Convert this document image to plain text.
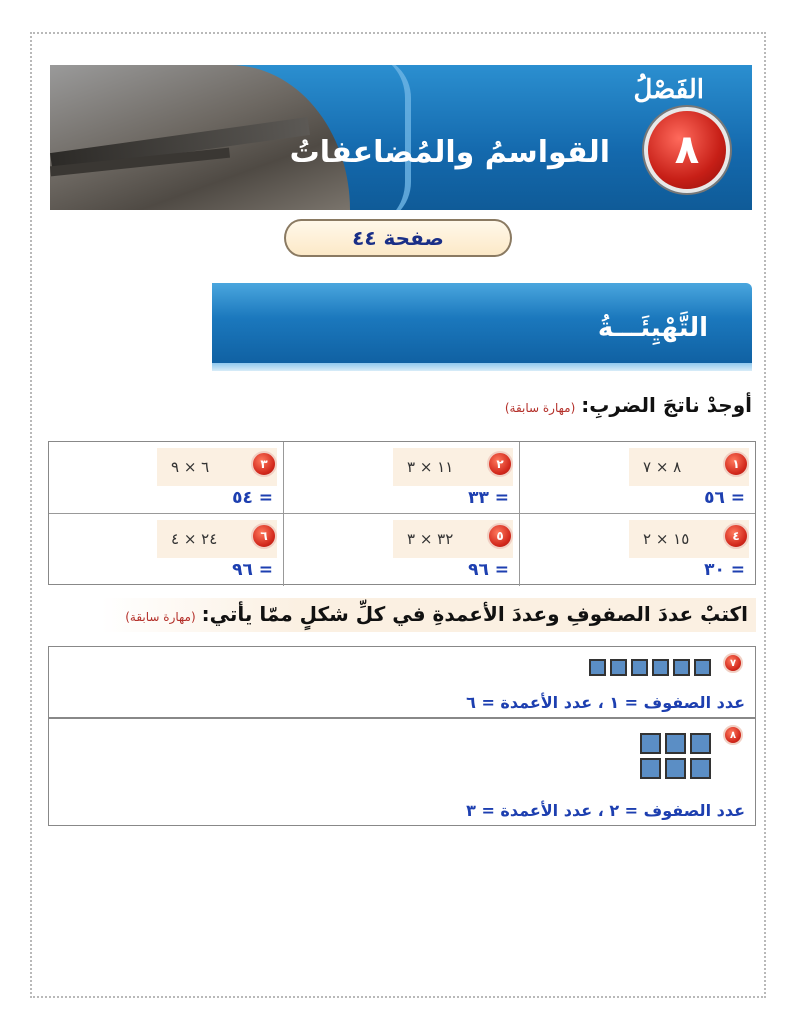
الفَصْلُ
٨
القواسمُ والمُضاعفاتُ
صفحة ٤٤
التَّهْيِئَـــةُ
أوجدْ ناتجَ الضربِ:
(مهارة سابقة)
٨ × ٧	١
= ٥٦
١١ × ٣	٢
= ٣٣
٦ × ٩	٣
= ٥٤
١٥ × ٢	٤
= ٣٠
٣٢ × ٣	٥
= ٩٦
٢٤ × ٤	٦
= ٩٦
اكتبْ عددَ الصفوفِ وعددَ الأعمدةِ في كلِّ شكلٍ ممّا يأتي:
(مهارة سابقة)
٧
عدد الصفوف = ١ ، عدد الأعمدة = ٦
٨
عدد الصفوف = ٢ ، عدد الأعمدة = ٣
